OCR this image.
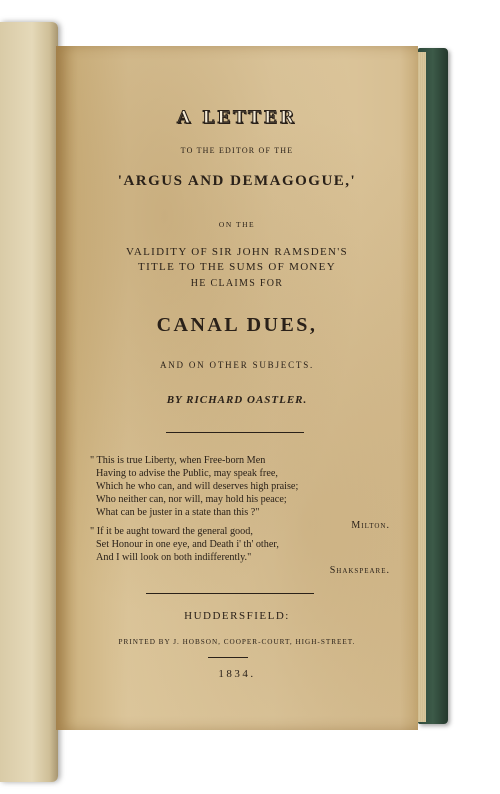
A LETTER
TO THE EDITOR OF THE
'ARGUS AND DEMAGOGUE,'
ON THE
VALIDITY OF SIR JOHN RAMSDEN'S
TITLE TO THE SUMS OF MONEY
HE CLAIMS FOR
CANAL DUES,
AND ON OTHER SUBJECTS.
BY RICHARD OASTLER.
" This is true Liberty, when Free-born Men
Having to advise the Public, may speak free,
Which he who can, and will deserves high praise;
Who neither can, nor will, may hold his peace;
What can be juster in a state than this ?"
Milton.
" If it be aught toward the general good,
Set Honour in one eye, and Death i' th' other,
And I will look on both indifferently."
Shakspeare.
HUDDERSFIELD:
PRINTED BY J. HOBSON, COOPER-COURT, HIGH-STREET.
1834.
